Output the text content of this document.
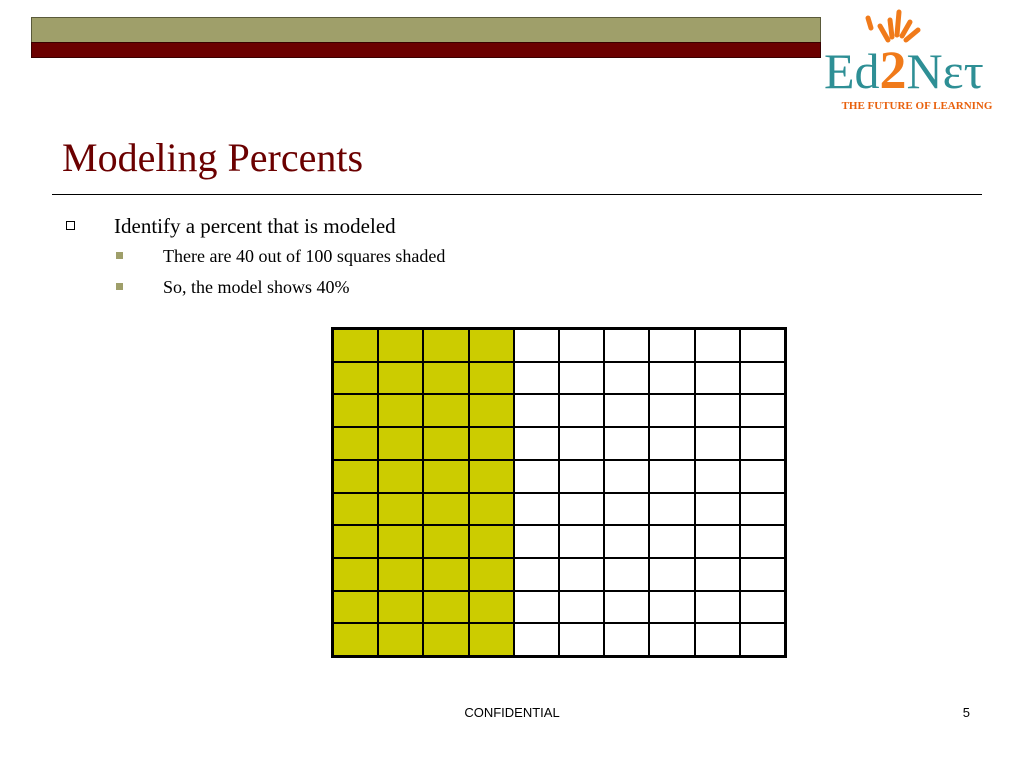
Ed2Nετ
THE FUTURE OF LEARNING
Modeling Percents
Identify a percent that is modeled
There are 40 out of 100 squares shaded
So, the model shows 40%
CONFIDENTIAL	5
